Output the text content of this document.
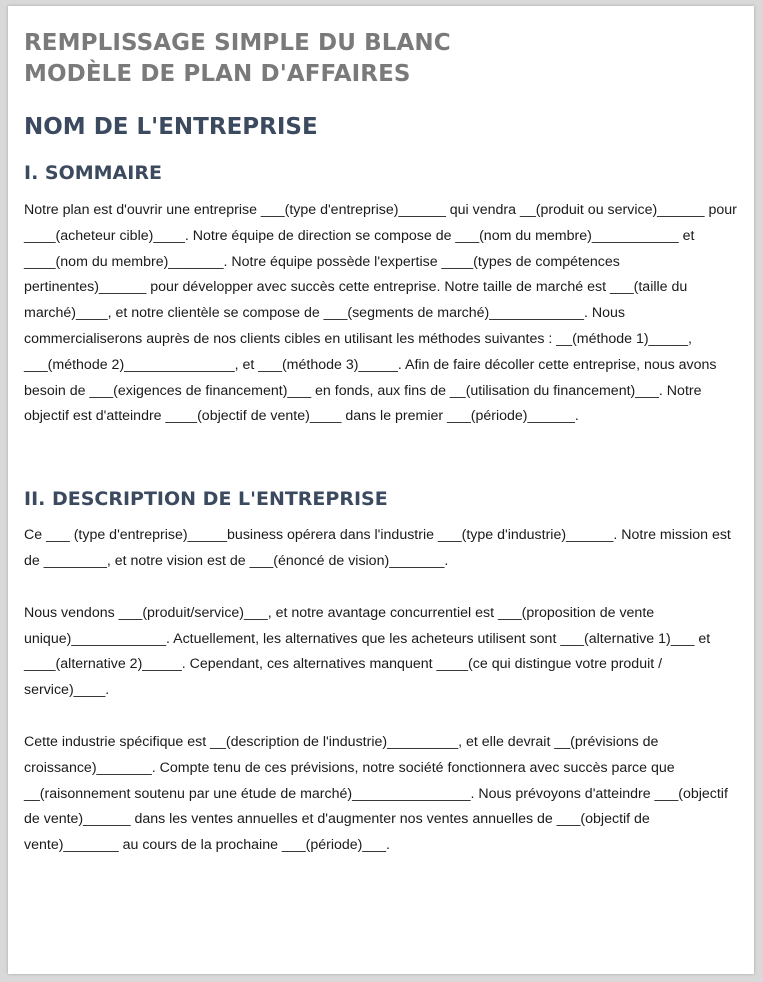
REMPLISSAGE SIMPLE DU BLANC
MODÈLE DE PLAN D'AFFAIRES
NOM DE L'ENTREPRISE
I. SOMMAIRE

Notre plan est d'ouvrir une entreprise ___(type d'entreprise)______ qui vendra __(produit ou service)______ pour ____(acheteur cible)____. Notre équipe de direction se compose de ___(nom du membre)___________ et ____(nom du membre)_______. Notre équipe possède l'expertise ____(types de compétences pertinentes)______ pour développer avec succès cette entreprise. Notre taille de marché est ___(taille du marché)____, et notre clientèle se compose de ___(segments de marché)____________. Nous commercialiserons auprès de nos clients cibles en utilisant les méthodes suivantes : __(méthode 1)_____, ___(méthode 2)______________, et ___(méthode 3)_____. Afin de faire décoller cette entreprise, nous avons besoin de ___(exigences de financement)___ en fonds, aux fins de __(utilisation du financement)___. Notre objectif est d'atteindre ____(objectif de vente)____ dans le premier ___(période)______.

II. DESCRIPTION DE L'ENTREPRISE

Ce ___ (type d'entreprise)_____business opérera dans l'industrie ___(type d'industrie)______. Notre mission est de ________, et notre vision est de ___(énoncé de vision)_______.

Nous vendons ___(produit/service)___, et notre avantage concurrentiel est ___(proposition de vente unique)____________. Actuellement, les alternatives que les acheteurs utilisent sont ___(alternative 1)___ et ____(alternative 2)_____. Cependant, ces alternatives manquent ____(ce qui distingue votre produit / service)____.

Cette industrie spécifique est __(description de l'industrie)_________, et elle devrait __(prévisions de croissance)_______. Compte tenu de ces prévisions, notre société fonctionnera avec succès parce que __(raisonnement soutenu par une étude de marché)_______________. Nous prévoyons d'atteindre ___(objectif de vente)______ dans les ventes annuelles et d'augmenter nos ventes annuelles de ___(objectif de vente)_______ au cours de la prochaine ___(période)___.
